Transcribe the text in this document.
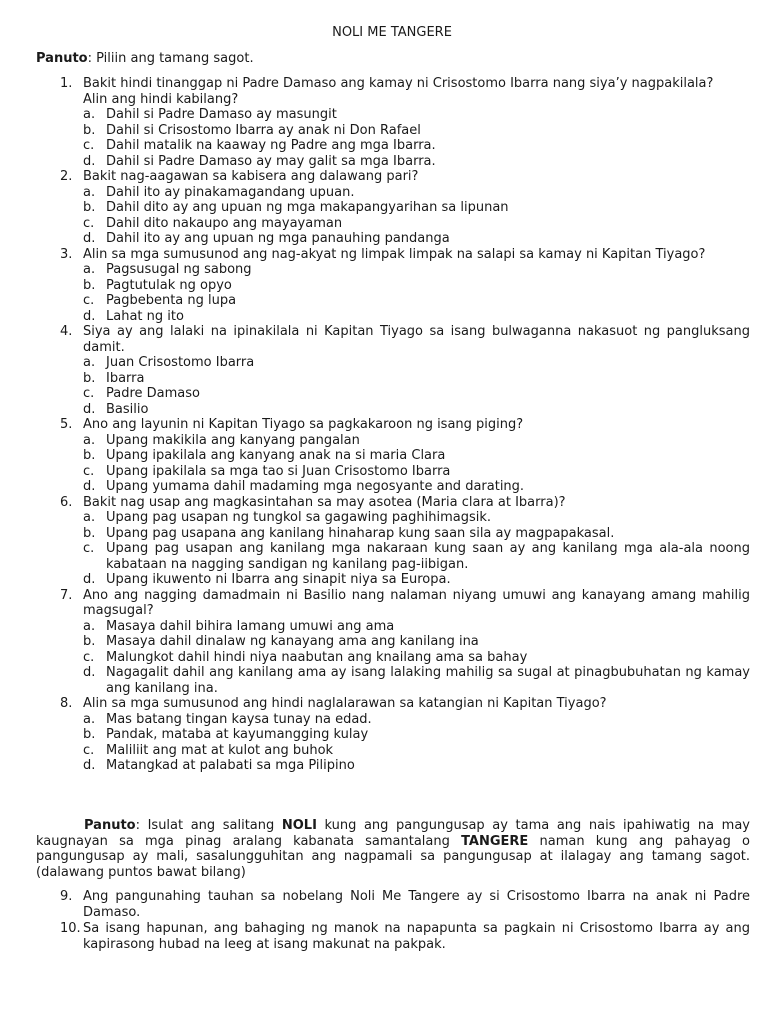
NOLI ME TANGERE
Panuto: Piliin ang tamang sagot.
1. Bakit hindi tinanggap ni Padre Damaso ang kamay ni Crisostomo Ibarra nang siya’y nagpakilala?
Alin ang hindi kabilang?
a. Dahil si Padre Damaso ay masungit
b. Dahil si Crisostomo Ibarra ay anak ni Don Rafael
c. Dahil matalik na kaaway ng Padre ang mga Ibarra.
d. Dahil si Padre Damaso ay may galit sa mga Ibarra.
2. Bakit nag-aagawan sa kabisera ang dalawang pari?
a. Dahil ito ay pinakamagandang upuan.
b. Dahil dito ay ang upuan ng mga makapangyarihan sa lipunan
c. Dahil dito nakaupo ang mayayaman
d. Dahil ito ay ang upuan ng mga panauhing pandanga
3. Alin sa mga sumusunod ang nag-akyat ng limpak limpak na salapi sa kamay ni Kapitan Tiyago?
a. Pagsusugal ng sabong
b. Pagtutulak ng opyo
c. Pagbebenta ng lupa
d. Lahat ng ito
4. Siya ay ang lalaki na ipinakilala ni Kapitan Tiyago sa isang bulwaganna nakasuot ng pangluksang damit.
a. Juan Crisostomo Ibarra
b. Ibarra
c. Padre Damaso
d. Basilio
5. Ano ang layunin ni Kapitan Tiyago sa pagkakaroon ng isang piging?
a. Upang makikila ang kanyang pangalan
b. Upang ipakilala ang kanyang anak na si maria Clara
c. Upang ipakilala sa mga tao si Juan Crisostomo Ibarra
d. Upang yumama dahil madaming mga negosyante and darating.
6. Bakit nag usap ang magkasintahan sa may asotea (Maria clara at Ibarra)?
a. Upang pag usapan ng tungkol sa gagawing paghihimagsik.
b. Upang pag usapana ang kanilang hinaharap kung saan sila ay magpapakasal.
c. Upang pag usapan ang kanilang mga nakaraan kung saan ay ang kanilang mga ala-ala noong kabataan na nagging sandigan ng kanilang pag-iibigan.
d. Upang ikuwento ni Ibarra ang sinapit niya sa Europa.
7. Ano ang nagging damadmain ni Basilio nang nalaman niyang umuwi ang kanayang amang mahilig magsugal?
a. Masaya dahil bihira lamang umuwi ang ama
b. Masaya dahil dinalaw ng kanayang ama ang kanilang ina
c. Malungkot dahil hindi niya naabutan ang knailang ama sa bahay
d. Nagagalit dahil ang kanilang ama ay isang lalaking mahilig sa sugal at pinagbubuhatan ng kamay ang kanilang ina.
8. Alin sa mga sumusunod ang hindi naglalarawan sa katangian ni Kapitan Tiyago?
a. Mas batang tingan kaysa tunay na edad.
b. Pandak, mataba at kayumangging kulay
c. Maliliit ang mat at kulot ang buhok
d. Matangkad at palabati sa mga Pilipino
Panuto: Isulat ang salitang NOLI kung ang pangungusap ay tama ang nais ipahiwatig na may kaugnayan sa mga pinag aralang kabanata samantalang TANGERE naman kung ang pahayag o pangungusap ay mali, sasalungguhitan ang nagpamali sa pangungusap at ilalagay ang tamang sagot. (dalawang puntos bawat bilang)
9. Ang pangunahing tauhan sa nobelang Noli Me Tangere ay si Crisostomo Ibarra na anak ni Padre Damaso.
10. Sa isang hapunan, ang bahaging ng manok na napapunta sa pagkain ni Crisostomo Ibarra ay ang kapirasong hubad na leeg at isang makunat na pakpak.
